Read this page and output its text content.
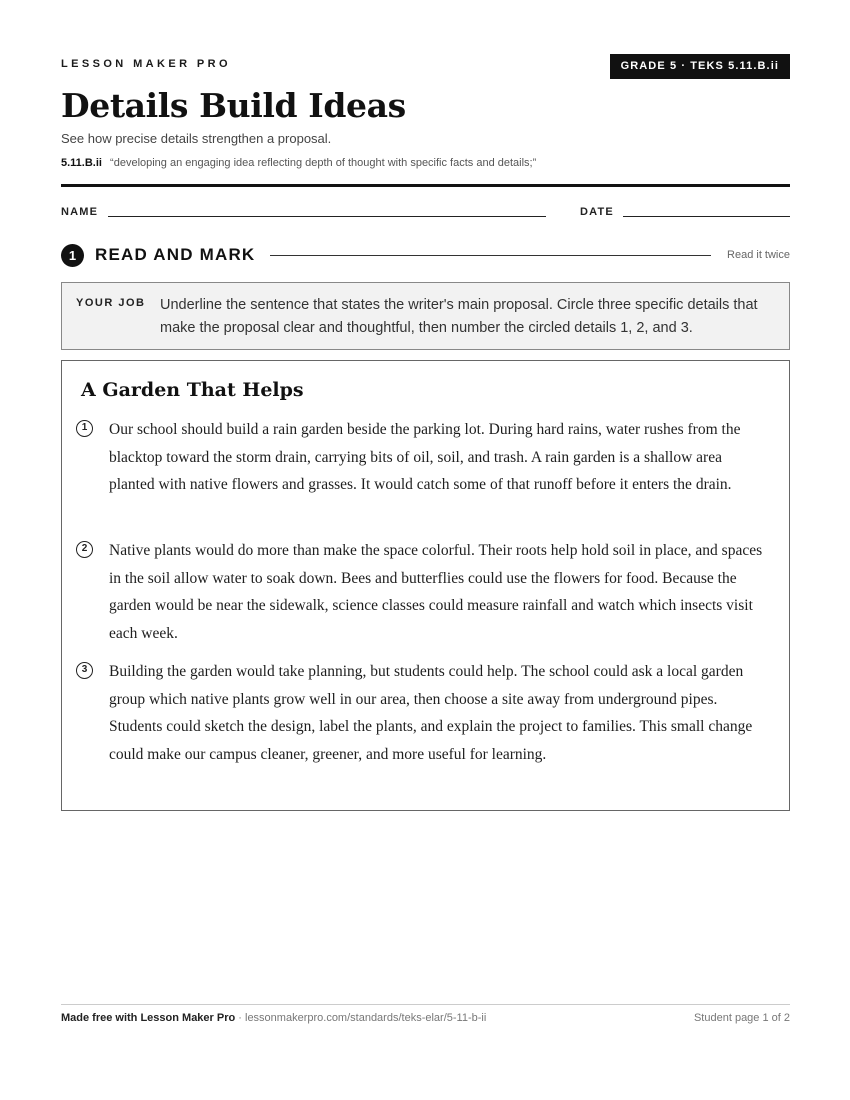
LESSON MAKER PRO	GRADE 5 · TEKS 5.11.B.ii
Details Build Ideas
See how precise details strengthen a proposal.
5.11.B.ii “developing an engaging idea reflecting depth of thought with specific facts and details;”
NAME	DATE
1	READ AND MARK	Read it twice
YOUR JOB Underline the sentence that states the writer's main proposal. Circle three specific details that make the proposal clear and thoughtful, then number the circled details 1, 2, and 3.
A Garden That Helps
1	Our school should build a rain garden beside the parking lot. During hard rains, water rushes from the blacktop toward the storm drain, carrying bits of oil, soil, and trash. A rain garden is a shallow area planted with native flowers and grasses. It would catch some of that runoff before it enters the drain.

2	Native plants would do more than make the space colorful. Their roots help hold soil in place, and spaces in the soil allow water to soak down. Bees and butterflies could use the flowers for food. Because the garden would be near the sidewalk, science classes could measure rainfall and watch which insects visit each week.

3	Building the garden would take planning, but students could help. The school could ask a local garden group which native plants grow well in our area, then choose a site away from underground pipes. Students could sketch the design, label the plants, and explain the project to families. This small change could make our campus cleaner, greener, and more useful for learning.

Made free with Lesson Maker Pro · lessonmakerpro.com/standards/teks-elar/5-11-b-ii	Student page 1 of 2
